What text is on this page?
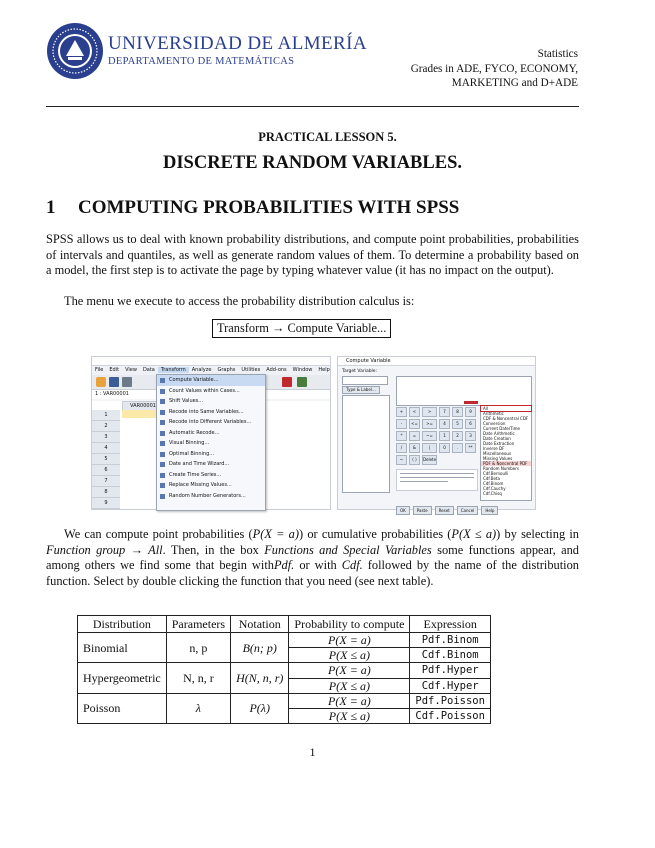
UNIVERSIDAD DE ALMERÍA
DEPARTAMENTO DE MATEMÁTICAS
Statistics
Grades in ADE, FYCO, ECONOMY,
MARKETING and D+ADE
PRACTICAL LESSON 5.
DISCRETE RANDOM VARIABLES.
1 COMPUTING PROBABILITIES WITH SPSS
SPSS allows us to deal with known probability distributions, and compute point probabilities, probabilities of intervals and quantiles, as well as generate random values of them. To determine a probability based on a model, the first step is to activate the page by typing whatever value (it has no impact on the output).
The menu we execute to access the probability distribution calculus is:
Transform → Compute Variable...
File Edit View Data Transform Analyze Graphs Utilities Add-ons Window Help
1 : VAR00001
VAR00001
1
2
3
4
5
6
7
8
9
Compute Variable...
Count Values within Cases...
Shift Values...
Recode into Same Variables...
Recode into Different Variables...
Automatic Recode...
Visual Binning...
Optimal Binning...
Date and Time Wizard...
Create Time Series...
Replace Missing Values...
Random Number Generators...
Compute Variable
Target Variable:
Type & Label...
+	<	>	7	8	9
-	<=	>=	4	5	6
*	=	~=	1	2	3
/	&	|	0	.	**
~	( )	Delete
All
Arithmetic
CDF & Noncentral CDF
Conversion
Current Date/Time
Date Arithmetic
Date Creation
Date Extraction
Inverse DF
Miscellaneous
Missing Values
PDF & Noncentral PDF
Random Numbers
Cdf.Bernoulli
Cdf.Beta
Cdf.Binom
Cdf.Cauchy
Cdf.Chisq
OK	Paste	Reset	Cancel	Help
We can compute point probabilities (P(X = a)) or cumulative probabilities (P(X ≤ a)) by selecting in Function group → All. Then, in the box Functions and Special Variables some functions appear, and among others we find some that begin withPdf. or with Cdf. followed by the name of the distribution function. Select by double clicking the function that you need (see next table).
Distribution	Parameters	Notation	Probability to compute	Expression
Binomial	n, p	B(n; p)	P(X = a)	Pdf.Binom
			P(X ≤ a)	Cdf.Binom
Hypergeometric	N, n, r	H(N, n, r)	P(X = a)	Pdf.Hyper
			P(X ≤ a)	Cdf.Hyper
Poisson	λ	P(λ)	P(X = a)	Pdf.Poisson
			P(X ≤ a)	Cdf.Poisson
1
